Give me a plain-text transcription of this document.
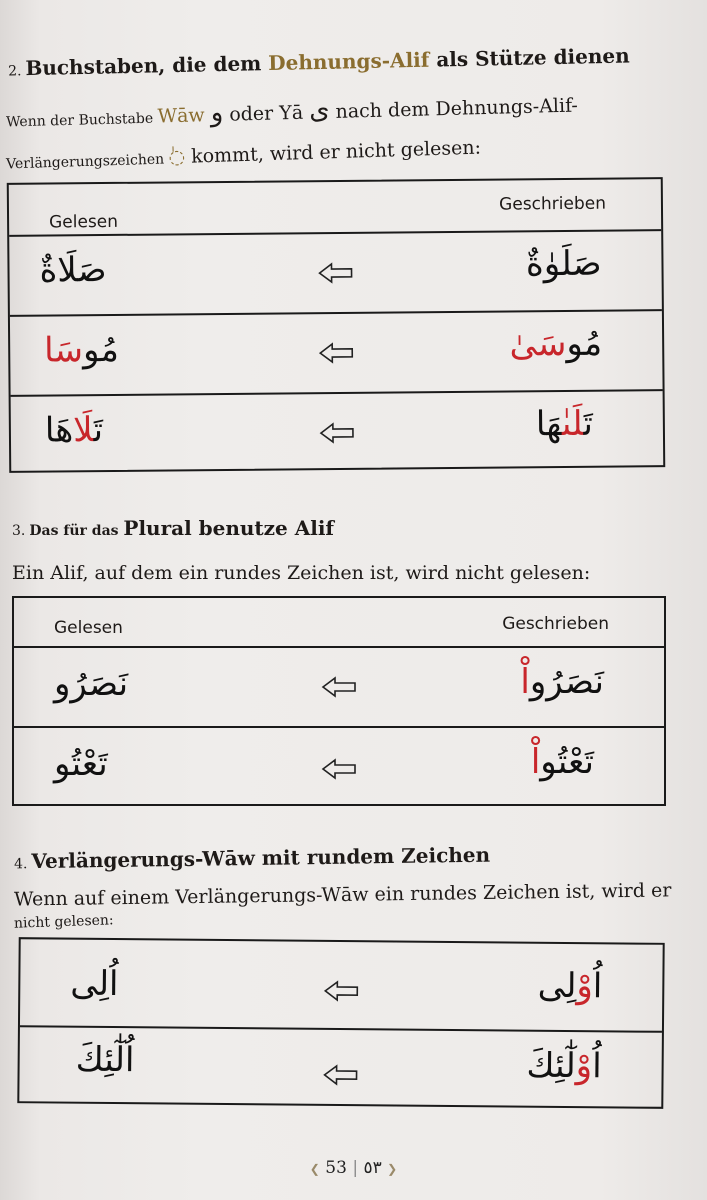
2. Buchstaben, die dem Dehnungs-Alif als Stütze dienen
Wenn der Buchstabe Wāw و oder Yā ى nach dem Dehnungs-Alif-
Verlängerungszeichen ٰ◌ kommt, wird er nicht gelesen:
Gelesen
Geschrieben
صَلَاةٌ	صَلَوٰةٌ
مُوسَا	مُوسَىٰ
تَلَاهَا	تَلَىٰهَا
3. Das für das Plural benutze Alif
Ein Alif, auf dem ein rundes Zeichen ist, wird nicht gelesen:
Gelesen	Geschrieben
نَصَرُو	نَصَرُواْ
تَعْتُو	تَعْتُواْ
4. Verlängerungs-Wāw mit rundem Zeichen
Wenn auf einem Verlängerungs-Wāw ein rundes Zeichen ist, wird er
nicht gelesen:
اُلِى	اُوْلِى
اُلٰٓئِكَ	اُوْلٰٓئِكَ
❮ 53 | ٥٣ ❯
